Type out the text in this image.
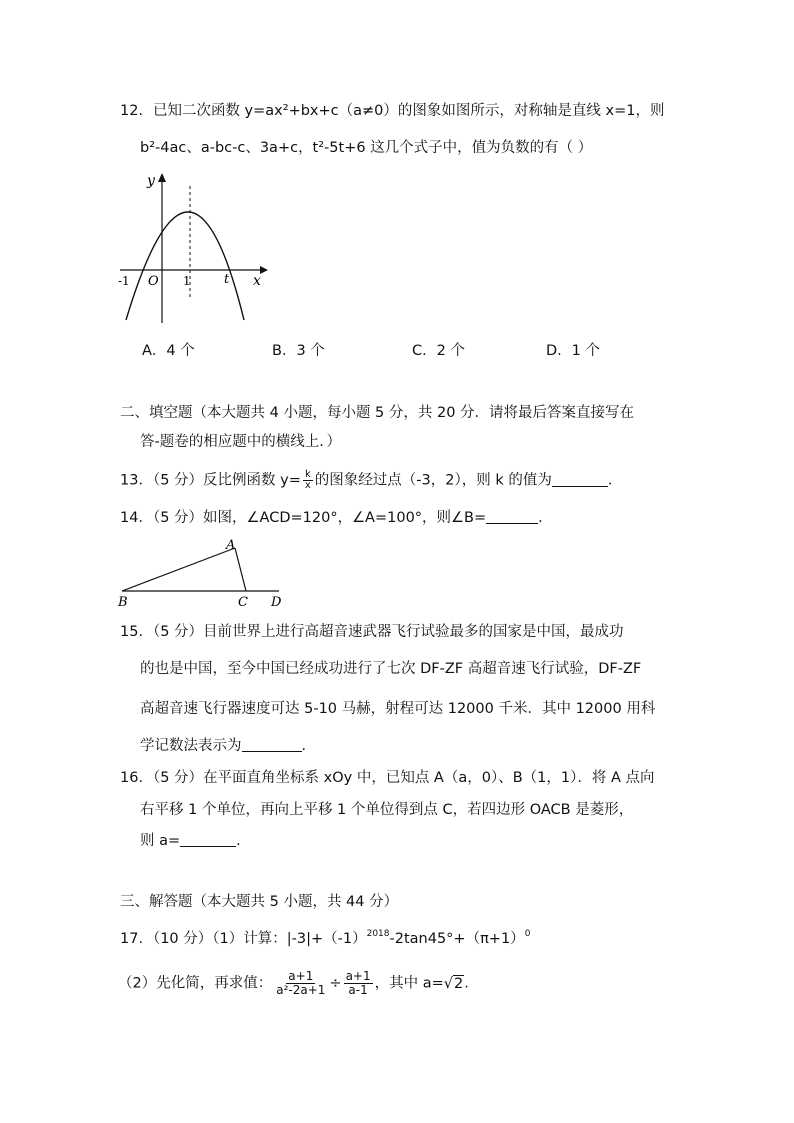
12．已知二次函数 y=ax²+bx+c（a≠0）的图象如图所示，对称轴是直线 x=1，则
b²-4ac、a-bc-c、3a+c，t²-5t+6 这几个式子中，值为负数的有（ ）
y
x
O
-1	1	t
A．4 个	B．3 个	C．2 个	D．1 个
二、填空题（本大题共 4 小题，每小题 5 分，共 20 分．请将最后答案直接写在
答-题卷的相应题中的横线上．）
13．（5 分）反比例函数 $y= \frac{k}{x}$ 的图象经过点（-3，2），则 k 的值为	．
14．（5 分）如图，∠ACD=120°，∠A=100°，则∠B=	．
A
B	C D
15．（5 分）目前世界上进行高超音速武器飞行试验最多的国家是中国，最成功
的也是中国，至今中国已经成功进行了七次 DF-ZF 高超音速飞行试验，DF-ZF
高超音速飞行器速度可达 5-10 马赫，射程可达 12000 千米．其中 12000 用科
学记数法表示为	．
16．（5 分）在平面直角坐标系 xOy 中，已知点 A（a，0）、B（1，1）．将 A 点向
右平移 1 个单位，再向上平移 1 个单位得到点 C，若四边形 OACB 是菱形，
则 a=	．
三、解答题（本大题共 5 小题，共 44 分）
17．（10 分）（1）计算：$|-3|+(-1)^{2018}-2\tan 45^\circ+(\pi+1)^0$
（2）先化简，再求值： $\frac{a+1}{\text{a²-2a+1}} \div \frac{a+1}{a-1}$ ，其中 a=√2.
